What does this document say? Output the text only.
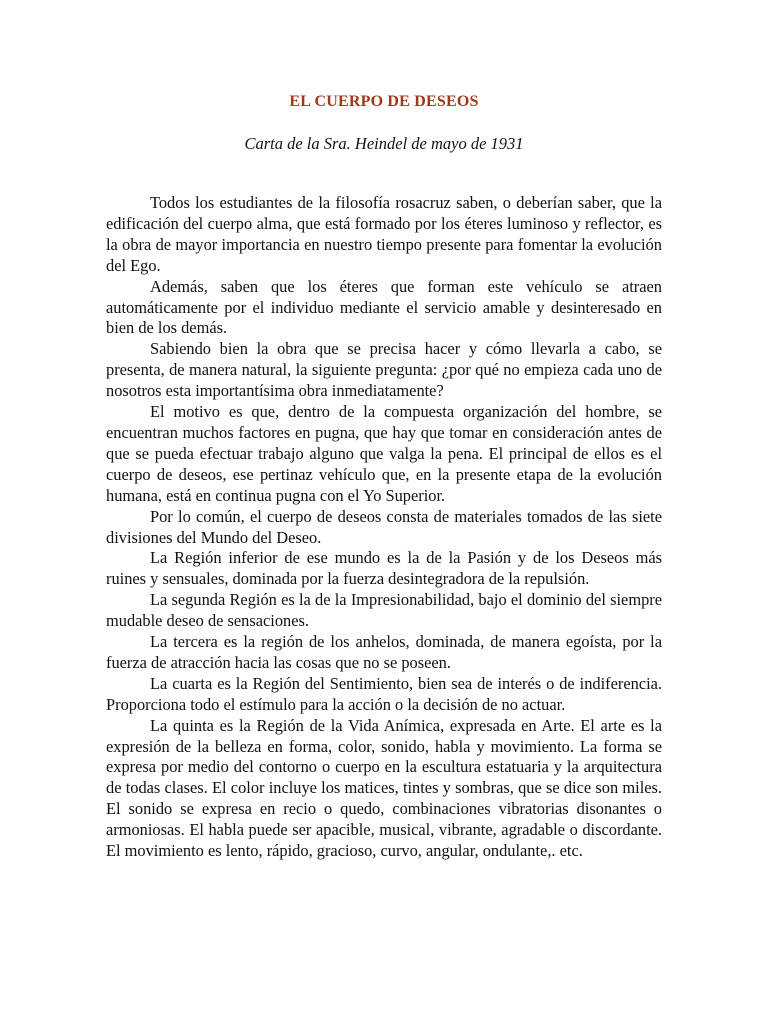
EL CUERPO DE DESEOS

Carta de la Sra. Heindel de mayo de 1931

Todos los estudiantes de la filosofía rosacruz saben, o deberían saber, que la edificación del cuerpo alma, que está formado por los éteres luminoso y reflector, es la obra de mayor importancia en nuestro tiempo presente para fomentar la evolución del Ego.

Además, saben que los éteres que forman este vehículo se atraen automáticamente por el individuo mediante el servicio amable y desinteresado en bien de los demás.

Sabiendo bien la obra que se precisa hacer y cómo llevarla a cabo, se presenta, de manera natural, la siguiente pregunta: ¿por qué no empieza cada uno de nosotros esta importantísima obra inmediatamente?

El motivo es que, dentro de la compuesta organización del hombre, se encuentran muchos factores en pugna, que hay que tomar en consideración antes de que se pueda efectuar trabajo alguno que valga la pena. El principal de ellos es el cuerpo de deseos, ese pertinaz vehículo que, en la presente etapa de la evolución humana, está en continua pugna con el Yo Superior.

Por lo común, el cuerpo de deseos consta de materiales tomados de las siete divisiones del Mundo del Deseo.

La Región inferior de ese mundo es la de la Pasión y de los Deseos más ruines y sensuales, dominada por la fuerza desintegradora de la repulsión.

La segunda Región es la de la Impresionabilidad, bajo el dominio del siempre mudable deseo de sensaciones.

La tercera es la región de los anhelos, dominada, de manera egoísta, por la fuerza de atracción hacia las cosas que no se poseen.

La cuarta es la Región del Sentimiento, bien sea de interés o de indiferencia. Proporciona todo el estímulo para la acción o la decisión de no actuar.

La quinta es la Región de la Vida Anímica, expresada en Arte. El arte es la expresión de la belleza en forma, color, sonido, habla y movimiento. La forma se expresa por medio del contorno o cuerpo en la escultura estatuaria y la arquitectura de todas clases. El color incluye los matices, tintes y sombras, que se dice son miles. El sonido se expresa en recio o quedo, combinaciones vibratorias disonantes o armoniosas. El habla puede ser apacible, musical, vibrante, agradable o discordante. El movimiento es lento, rápido, gracioso, curvo, angular, ondulante,. etc.
